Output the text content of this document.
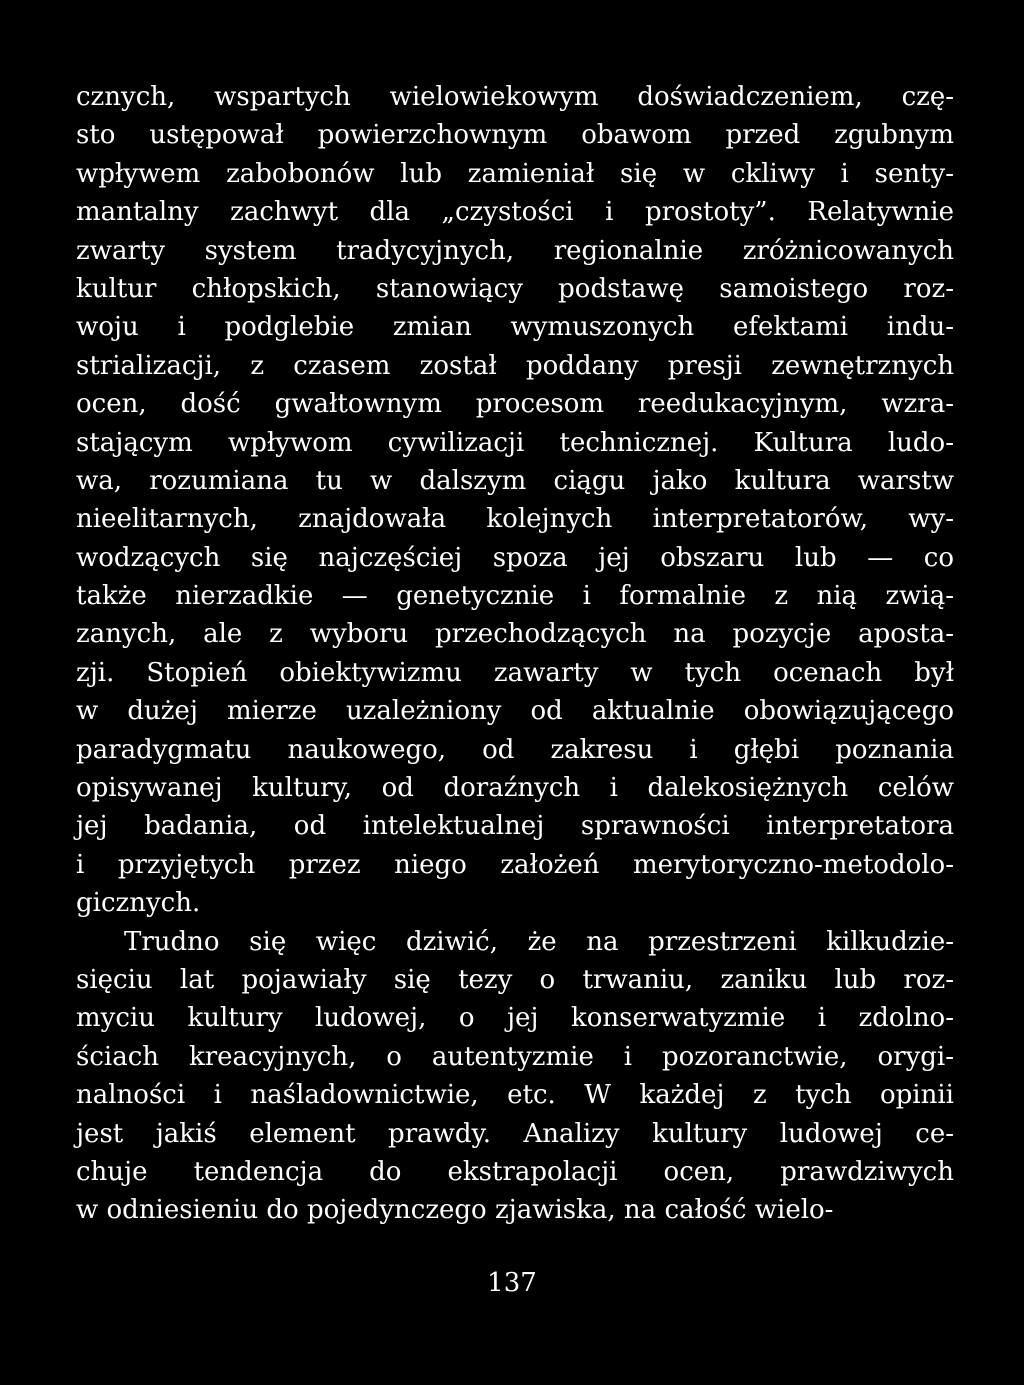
cznych, wspartych wielowiekowym doświadczeniem, czę-
sto ustępował powierzchownym obawom przed zgubnym
wpływem zabobonów lub zamieniał się w ckliwy i senty-
mantalny zachwyt dla „czystości i prostoty”. Relatywnie
zwarty system tradycyjnych, regionalnie zróżnicowanych
kultur chłopskich, stanowiący podstawę samoistego roz-
woju i podglebie zmian wymuszonych efektami indu-
strializacji, z czasem został poddany presji zewnętrznych
ocen, dość gwałtownym procesom reedukacyjnym, wzra-
stającym wpływom cywilizacji technicznej. Kultura ludo-
wa, rozumiana tu w dalszym ciągu jako kultura warstw
nieelitarnych, znajdowała kolejnych interpretatorów, wy-
wodzących się najczęściej spoza jej obszaru lub — co
także nierzadkie — genetycznie i formalnie z nią zwią-
zanych, ale z wyboru przechodzących na pozycje aposta-
zji. Stopień obiektywizmu zawarty w tych ocenach był
w dużej mierze uzależniony od aktualnie obowiązującego
paradygmatu naukowego, od zakresu i głębi poznania
opisywanej kultury, od doraźnych i dalekosiężnych celów
jej badania, od intelektualnej sprawności interpretatora
i przyjętych przez niego założeń merytoryczno-metodolo-
gicznych.
Trudno się więc dziwić, że na przestrzeni kilkudzie-
sięciu lat pojawiały się tezy o trwaniu, zaniku lub roz-
myciu kultury ludowej, o jej konserwatyzmie i zdolno-
ściach kreacyjnych, o autentyzmie i pozoranctwie, orygi-
nalności i naśladownictwie, etc. W każdej z tych opinii
jest jakiś element prawdy. Analizy kultury ludowej ce-
chuje tendencja do ekstrapolacji ocen, prawdziwych
w odniesieniu do pojedynczego zjawiska, na całość wielo-
137
